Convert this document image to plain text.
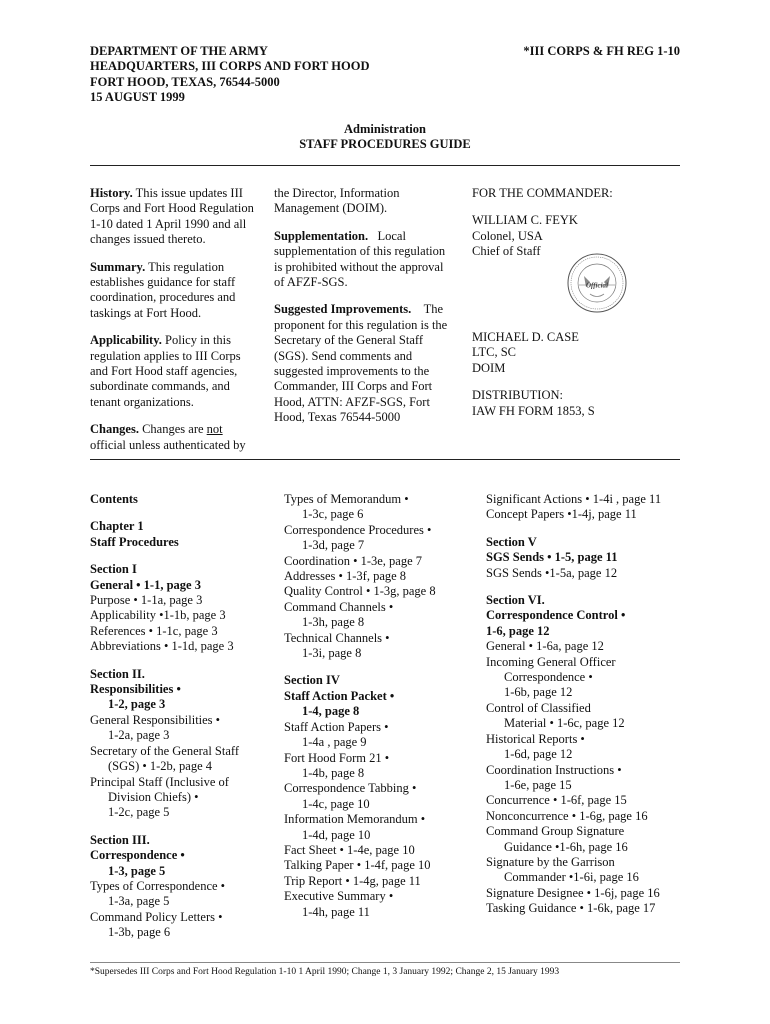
DEPARTMENT OF THE ARMY
HEADQUARTERS, III CORPS AND FORT HOOD
FORT HOOD, TEXAS, 76544-5000
15 AUGUST 1999
*III CORPS & FH REG 1-10
Administration
STAFF PROCEDURES GUIDE

History. This issue updates III
Corps and Fort Hood Regulation
1-10 dated 1 April 1990 and all
changes issued thereto.

Summary. This regulation
establishes guidance for staff
coordination, procedures and
taskings at Fort Hood.

Applicability. Policy in this
regulation applies to III Corps
and Fort Hood staff agencies,
subordinate commands, and
tenant organizations.

Changes. Changes are not
official unless authenticated by

the Director, Information
Management (DOIM).

Supplementation. Local
supplementation of this regulation
is prohibited without the approval
of AFZF-SGS.

Suggested Improvements. The
proponent for this regulation is the
Secretary of the General Staff
(SGS). Send comments and
suggested improvements to the
Commander, III Corps and Fort
Hood, ATTN: AFZF-SGS, Fort
Hood, Texas 76544-5000

FOR THE COMMANDER:

WILLIAM C. FEYK
Colonel, USA
Chief of Staff

Official

MICHAEL D. CASE
LTC, SC
DOIM

DISTRIBUTION:
IAW FH FORM 1853, S

Contents
Chapter 1
Staff Procedures
Section I
General • 1-1, page 3
Purpose • 1-1a, page 3
Applicability •1-1b, page 3
References • 1-1c, page 3
Abbreviations • 1-1d, page 3
Section II.
Responsibilities •
1-2, page 3
General Responsibilities •
1-2a, page 3
Secretary of the General Staff
(SGS) • 1-2b, page 4
Principal Staff (Inclusive of
Division Chiefs) •
1-2c, page 5
Section III.
Correspondence •
1-3, page 5
Types of Correspondence •
1-3a, page 5
Command Policy Letters •
1-3b, page 6
Types of Memorandum •
1-3c, page 6
Correspondence Procedures •
1-3d, page 7
Coordination • 1-3e, page 7
Addresses • 1-3f, page 8
Quality Control • 1-3g, page 8
Command Channels •
1-3h, page 8
Technical Channels •
1-3i, page 8
Section IV
Staff Action Packet •
1-4, page 8
Staff Action Papers •
1-4a , page 9
Fort Hood Form 21 •
1-4b, page 8
Correspondence Tabbing •
1-4c, page 10
Information Memorandum •
1-4d, page 10
Fact Sheet • 1-4e, page 10
Talking Paper • 1-4f, page 10
Trip Report • 1-4g, page 11
Executive Summary •
1-4h, page 11
Significant Actions • 1-4i , page 11
Concept Papers •1-4j, page 11
Section V
SGS Sends • 1-5, page 11
SGS Sends •1-5a, page 12
Section VI.
Correspondence Control •
1-6, page 12
General • 1-6a, page 12
Incoming General Officer
Correspondence •
1-6b, page 12
Control of Classified
Material • 1-6c, page 12
Historical Reports •
1-6d, page 12
Coordination Instructions •
1-6e, page 15
Concurrence • 1-6f, page 15
Nonconcurrence • 1-6g, page 16
Command Group Signature
Guidance •1-6h, page 16
Signature by the Garrison
Commander •1-6i, page 16
Signature Designee • 1-6j, page 16
Tasking Guidance • 1-6k, page 17
*Supersedes III Corps and Fort Hood Regulation 1-10 1 April 1990; Change 1, 3 January 1992; Change 2, 15 January 1993
